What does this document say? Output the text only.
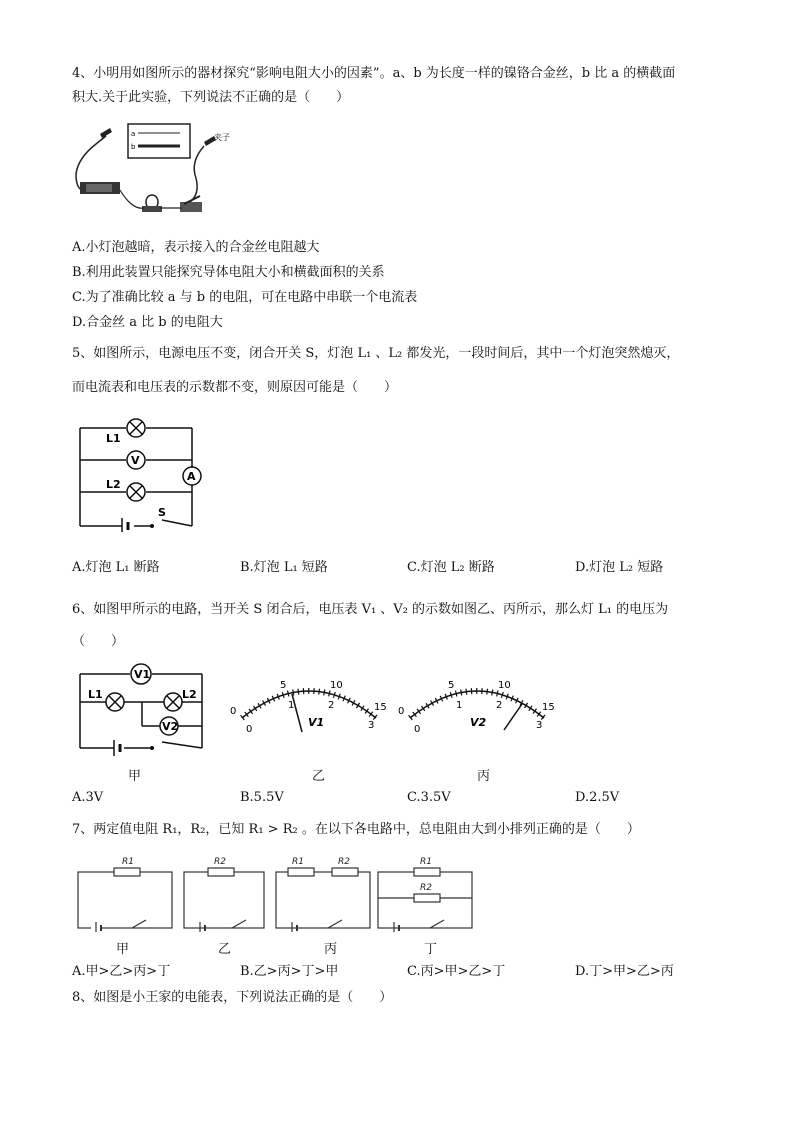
4、小明用如图所示的器材探究“影响电阻大小的因素”。a、b 为长度一样的镍铬合金丝，b 比 a 的横截面
积大.关于此实验，下列说法不正确的是（　　）
a
b
夹子
A.小灯泡越暗，表示接入的合金丝电阻越大
B.利用此装置只能探究导体电阻大小和横截面积的关系
C.为了准确比较 a 与 b 的电阻，可在电路中串联一个电流表
D.合金丝 a 比 b 的电阻大
5、如图所示，电源电压不变，闭合开关 S，灯泡 L₁ 、L₂ 都发光，一段时间后，其中一个灯泡突然熄灭，
而电流表和电压表的示数都不变，则原因可能是（　　）
V
A
L1
L2
S
A.灯泡 L₁ 断路	B.灯泡 L₁ 短路	C.灯泡 L₂ 断路	D.灯泡 L₂ 短路
6、如图甲所示的电路，当开关 S 闭合后，电压表 V₁ 、V₂ 的示数如图乙、丙所示，那么灯 L₁ 的电压为
（　　）
V1
V2
L1	L2
0
5	10
15
0
1	2
3
V1
0
5	10
15
0
1	2
3
V2
甲	乙	丙
A.3V	B.5.5V	C.3.5V	D.2.5V
7、两定值电阻 R₁，R₂，已知 R₁ > R₂ 。在以下各电路中，总电阻由大到小排列正确的是（　　）
R1	R2	R1	R2	R1
R2
甲	乙	丙	丁
A.甲>乙>丙>丁	B.乙>丙>丁>甲	C.丙>甲>乙>丁	D.丁>甲>乙>丙
8、如图是小王家的电能表，下列说法正确的是（　　）
